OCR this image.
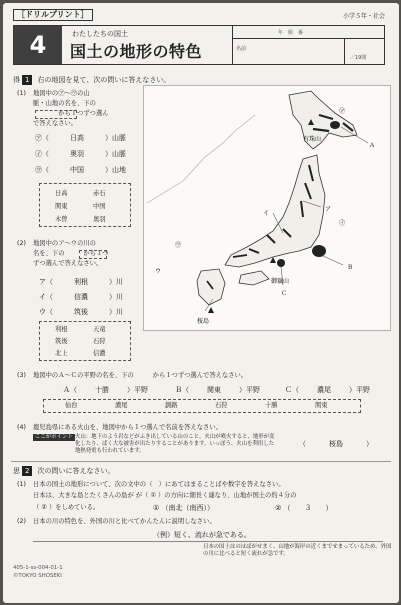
［ドリルプリント］	小学５年・社会
4	わたしたちの国土
国土の地形の特色
年　組　番
名前
／19問
得 1 右の地図を見て、次の問いに答えなさい。
(1) 地図中の㋐～㋒の山
脈・山地の名を、下の
　　　　から１つずつ選ん
で答えなさい。
㋐（	日高	）山脈
㋑（	奥羽	）山脈
㋒（	中国	）山地
日高	赤石
関東	中国
木曽	奥羽
(2) 地図中のア～ウの川の
名を、下の　　　から１つ
ずつ選んで答えなさい。
ア（	利根	）川
イ（	信濃	）川
ウ（	筑後	）川
利根	天竜
筑後	石狩
北上	信濃
㋐
有珠山
Ａ
イ
ア
㋑
Ｂ
㋒
御嶽山
Ｃ
ウ
桜島
(3) 地図中のＡ～Ｃの平野の名を、下の　　　から１つずつ選んで答えなさい。
Ａ（	十勝	）平野	Ｂ（	関東	）平野	Ｃ（	濃尾	）平野
仙台	濃尾	釧路	石狩	十勝	関東
(4) 鹿児島県にある火山を、地図中から１つ選んで名前を答えなさい。
ここがポイント 火山：地下のよう岩などがふき出している山のこと。火山が噴火すると、地形が変化したり、ばく大な被害が出たりすることがあります。いっぽう、火山を利用した地熱発電も行われています。
（	桜島	）
思 2 次の問いに答えなさい。
(1) 日本の国土の地形について、次の文中の（　）にあてはまることばや数字を答えなさい。
日本は、大きな島とたくさんの島が が（ ① ）の方向に細長く連なり、山地が国土の約４分の
（ ② ）をしめている。	① （南北（南西））	② （　　３　　）
(2) 日本の川の特色を、外国の川と比べてかんたんに説明しなさい。
（例）短く、流れが急である。
日本の国土はのはばがせまく、山地が海岸の近くまでせまっているため、外国の川に比べると短く流れが急です。
405-1-ss-004-01-1
©TOKYO SHOSEKI
